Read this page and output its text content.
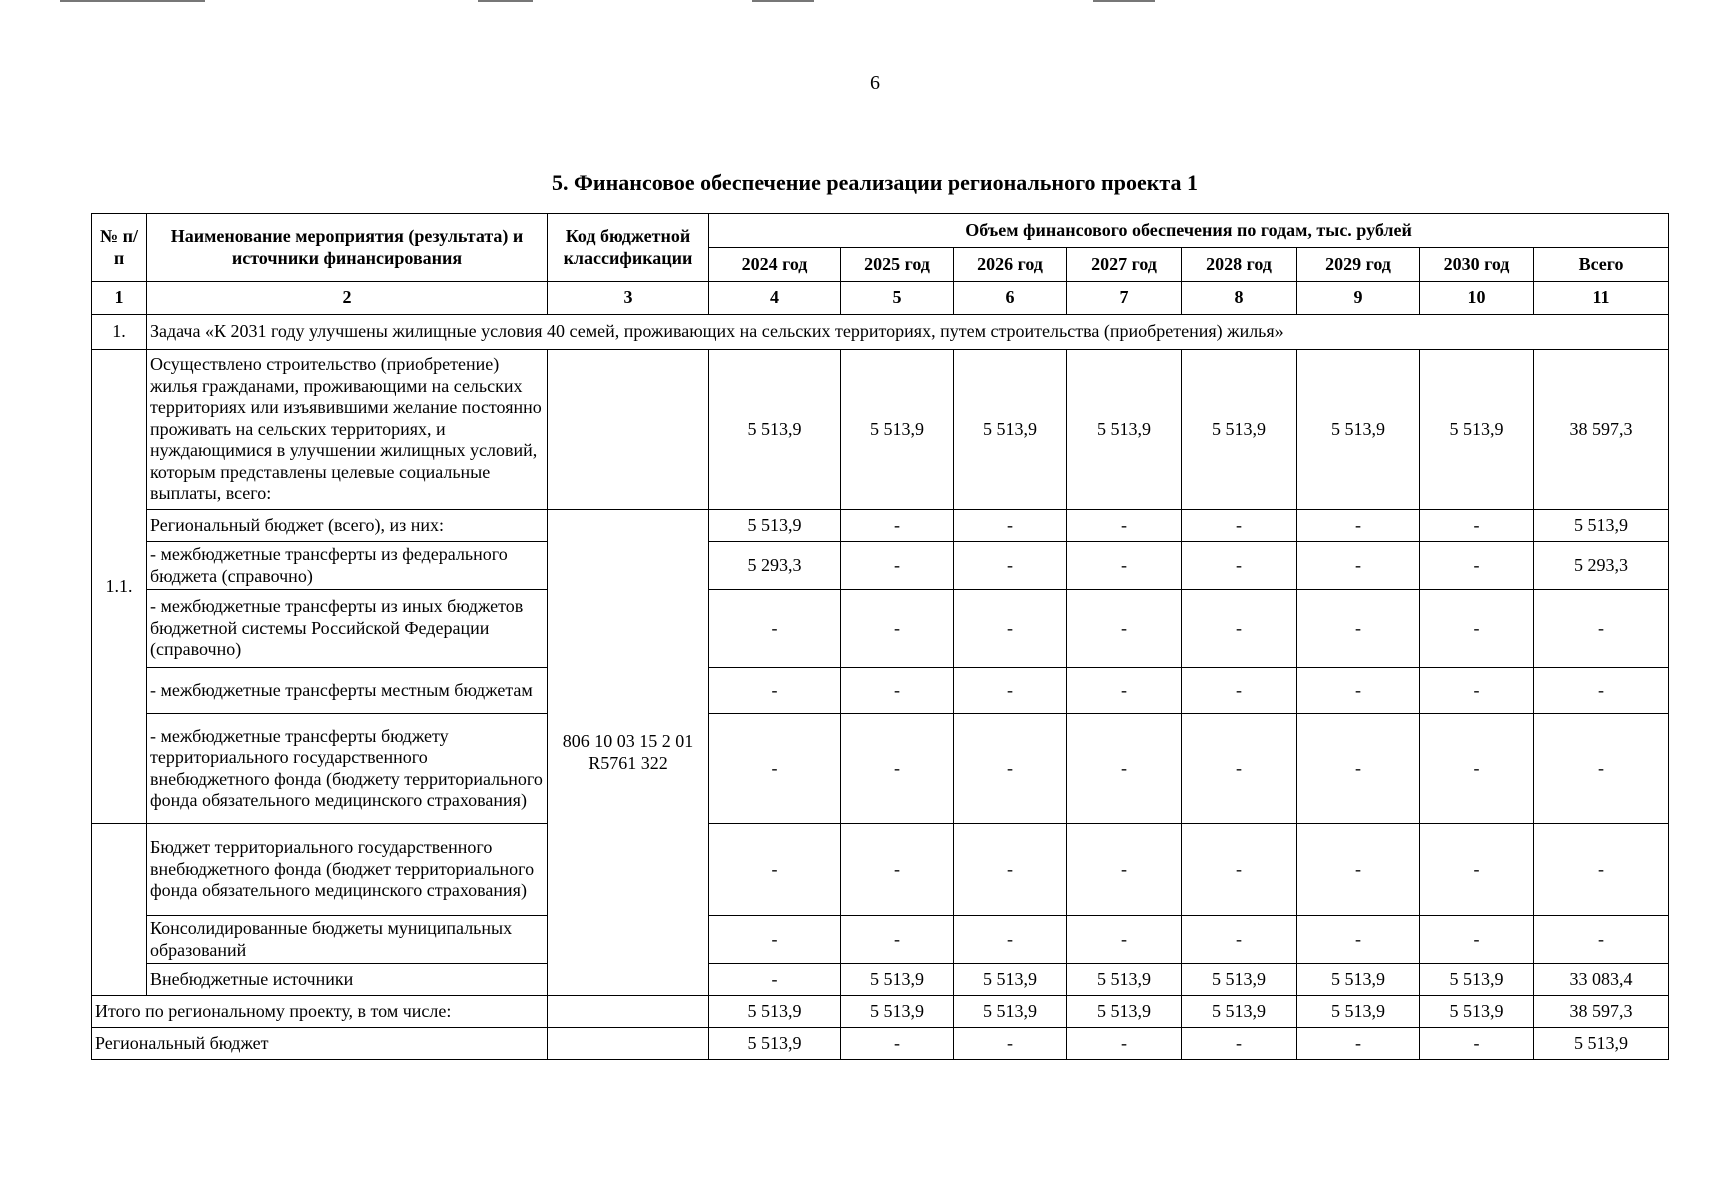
6
5. Финансовое обеспечение реализации регионального проекта 1
№ п/п	Наименование мероприятия (результата) и источники финансирования	Код бюджетной классификации	Объем финансового обеспечения по годам, тыс. рублей							
			2024 год	2025 год	2026 год	2027 год	2028 год	2029 год	2030 год	Всего
1	2	3	4	5	6	7	8	9	10	11
1.	Задача «К 2031 году улучшены жилищные условия 40 семей, проживающих на сельских территориях, путем строительства (приобретения) жилья»									
1.1.	Осуществлено строительство (приобретение) жилья гражданами, проживающими на сельских территориях или изъявившими желание постоянно проживать на сельских территориях, и нуждающимися в улучшении жилищных условий, которым представлены целевые социальные выплаты, всего:		5 513,9	5 513,9	5 513,9	5 513,9	5 513,9	5 513,9	5 513,9	38 597,3
	Региональный бюджет (всего), из них:	806 10 03 15 2 01 R5761 322	5 513,9	-	-	-	-	-	-	5 513,9
	- межбюджетные трансферты из федерального бюджета (справочно)		5 293,3	-	-	-	-	-	-	5 293,3
	- межбюджетные трансферты из иных бюджетов бюджетной системы Российской Федерации (справочно)		-	-	-	-	-	-	-	-
	- межбюджетные трансферты местным бюджетам		-	-	-	-	-	-	-	-
	- межбюджетные трансферты бюджету территориального государственного внебюджетного фонда (бюджету территориального фонда обязательного медицинского страхования)		-	-	-	-	-	-	-	-
	Бюджет территориального государственного внебюджетного фонда (бюджет территориального фонда обязательного медицинского страхования)		-	-	-	-	-	-	-	-
	Консолидированные бюджеты муниципальных образований		-	-	-	-	-	-	-	-
	Внебюджетные источники		-	5 513,9	5 513,9	5 513,9	5 513,9	5 513,9	5 513,9	33 083,4
Итого по региональному проекту, в том числе:			5 513,9	5 513,9	5 513,9	5 513,9	5 513,9	5 513,9	5 513,9	38 597,3
Региональный бюджет			5 513,9	-	-	-	-	-	-	5 513,9
